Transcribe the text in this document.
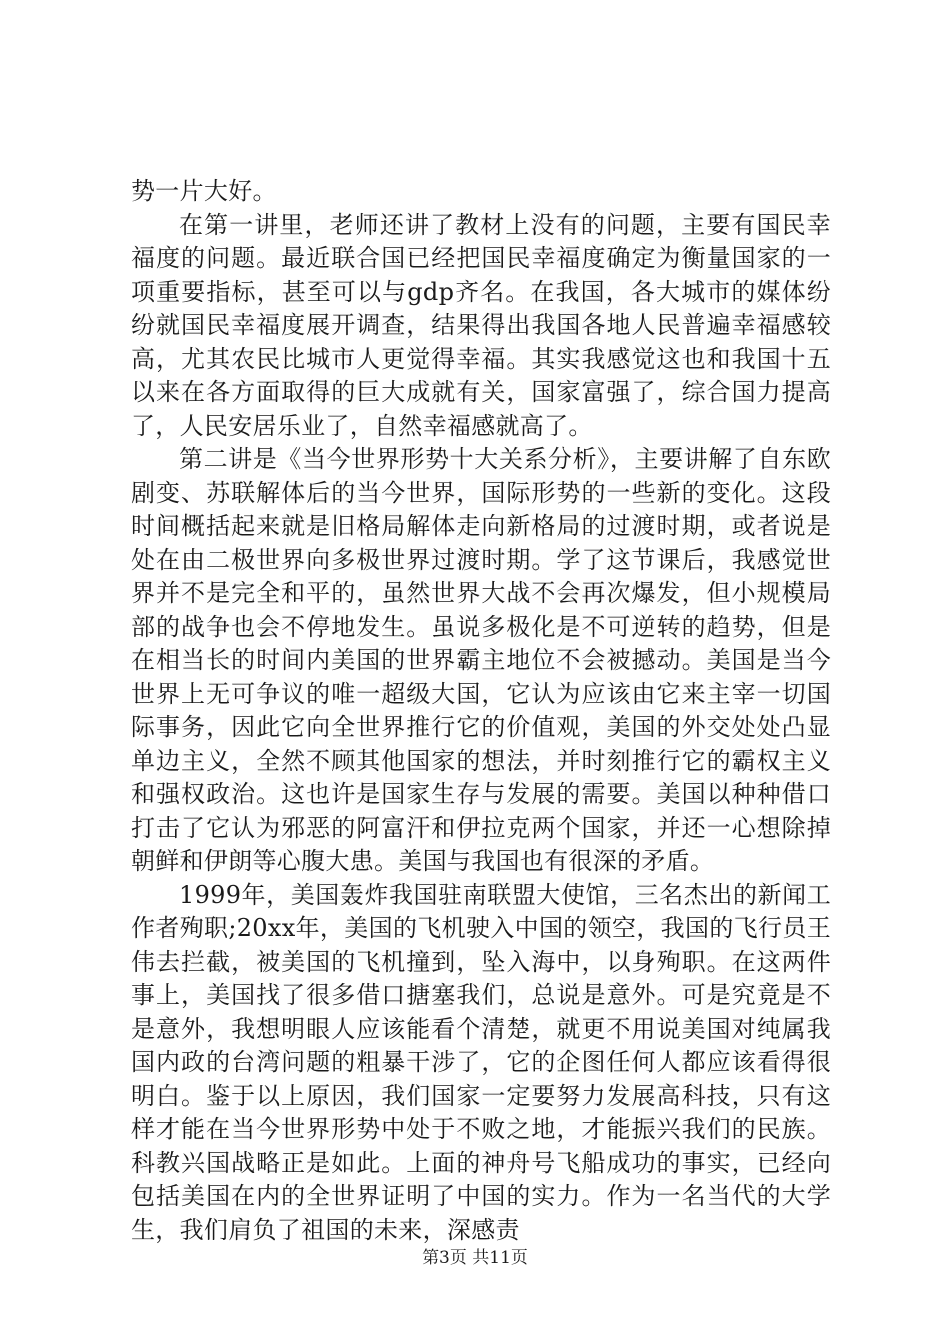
势一片大好。

在第一讲里，老师还讲了教材上没有的问题，主要有国民幸福度的问题。最近联合国已经把国民幸福度确定为衡量国家的一项重要指标，甚至可以与gdp齐名。在我国，各大城市的媒体纷纷就国民幸福度展开调查，结果得出我国各地人民普遍幸福感较高，尤其农民比城市人更觉得幸福。其实我感觉这也和我国十五以来在各方面取得的巨大成就有关，国家富强了，综合国力提高了，人民安居乐业了，自然幸福感就高了。

第二讲是《当今世界形势十大关系分析》，主要讲解了自东欧剧变、苏联解体后的当今世界，国际形势的一些新的变化。这段时间概括起来就是旧格局解体走向新格局的过渡时期，或者说是处在由二极世界向多极世界过渡时期。学了这节课后，我感觉世界并不是完全和平的，虽然世界大战不会再次爆发，但小规模局部的战争也会不停地发生。虽说多极化是不可逆转的趋势，但是在相当长的时间内美国的世界霸主地位不会被撼动。美国是当今世界上无可争议的唯一超级大国，它认为应该由它来主宰一切国际事务，因此它向全世界推行它的价值观，美国的外交处处凸显单边主义，全然不顾其他国家的想法，并时刻推行它的霸权主义和强权政治。这也许是国家生存与发展的需要。美国以种种借口打击了它认为邪恶的阿富汗和伊拉克两个国家，并还一心想除掉朝鲜和伊朗等心腹大患。美国与我国也有很深的矛盾。

1999年，美国轰炸我国驻南联盟大使馆，三名杰出的新闻工作者殉职;20xx年，美国的飞机驶入中国的领空，我国的飞行员王伟去拦截，被美国的飞机撞到，坠入海中，以身殉职。在这两件事上，美国找了很多借口搪塞我们，总说是意外。可是究竟是不是意外，我想明眼人应该能看个清楚，就更不用说美国对纯属我国内政的台湾问题的粗暴干涉了，它的企图任何人都应该看得很明白。鉴于以上原因，我们国家一定要努力发展高科技，只有这样才能在当今世界形势中处于不败之地，才能振兴我们的民族。科教兴国战略正是如此。上面的神舟号飞船成功的事实，已经向包括美国在内的全世界证明了中国的实力。作为一名当代的大学生，我们肩负了祖国的未来，深感责

第3页 共11页
